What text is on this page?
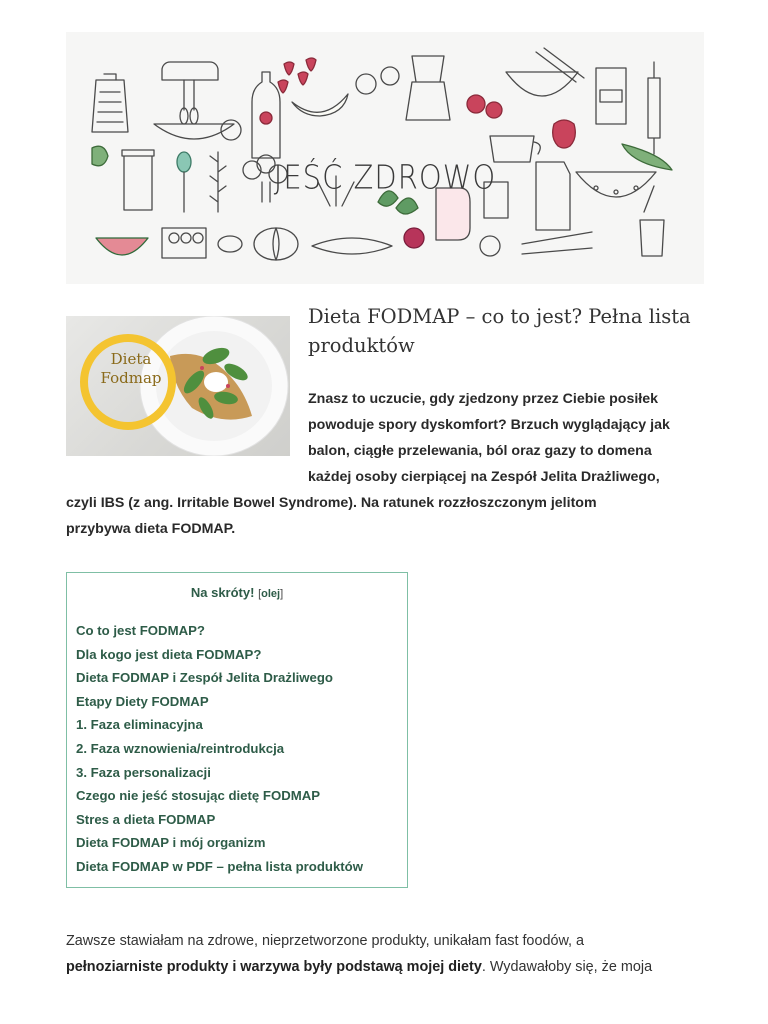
JEŚĆ ZDROWO
Dieta
Fodmap
Dieta FODMAP – co to jest? Pełna lista produktów
Znasz to uczucie, gdy zjedzony przez Ciebie posiłek
powoduje spory dyskomfort? Brzuch wyglądający jak
balon, ciągłe przelewania, ból oraz gazy to domena
każdej osoby cierpiącej na Zespół Jelita Drażliwego,
czyli IBS (z ang. Irritable Bowel Syndrome). Na ratunek rozzłoszczonym jelitom
przybywa dieta FODMAP.
Na skróty! [olej]
Co to jest FODMAP?
Dla kogo jest dieta FODMAP?
Dieta FODMAP i Zespół Jelita Drażliwego
Etapy Diety FODMAP
1. Faza eliminacyjna
2. Faza wznowienia/reintrodukcja
3. Faza personalizacji
Czego nie jeść stosując dietę FODMAP
Stres a dieta FODMAP
Dieta FODMAP i mój organizm
Dieta FODMAP w PDF – pełna lista produktów
Zawsze stawiałam na zdrowe, nieprzetworzone produkty, unikałam fast foodów, a
pełnoziarniste produkty i warzywa były podstawą mojej diety. Wydawałoby się, że moja
